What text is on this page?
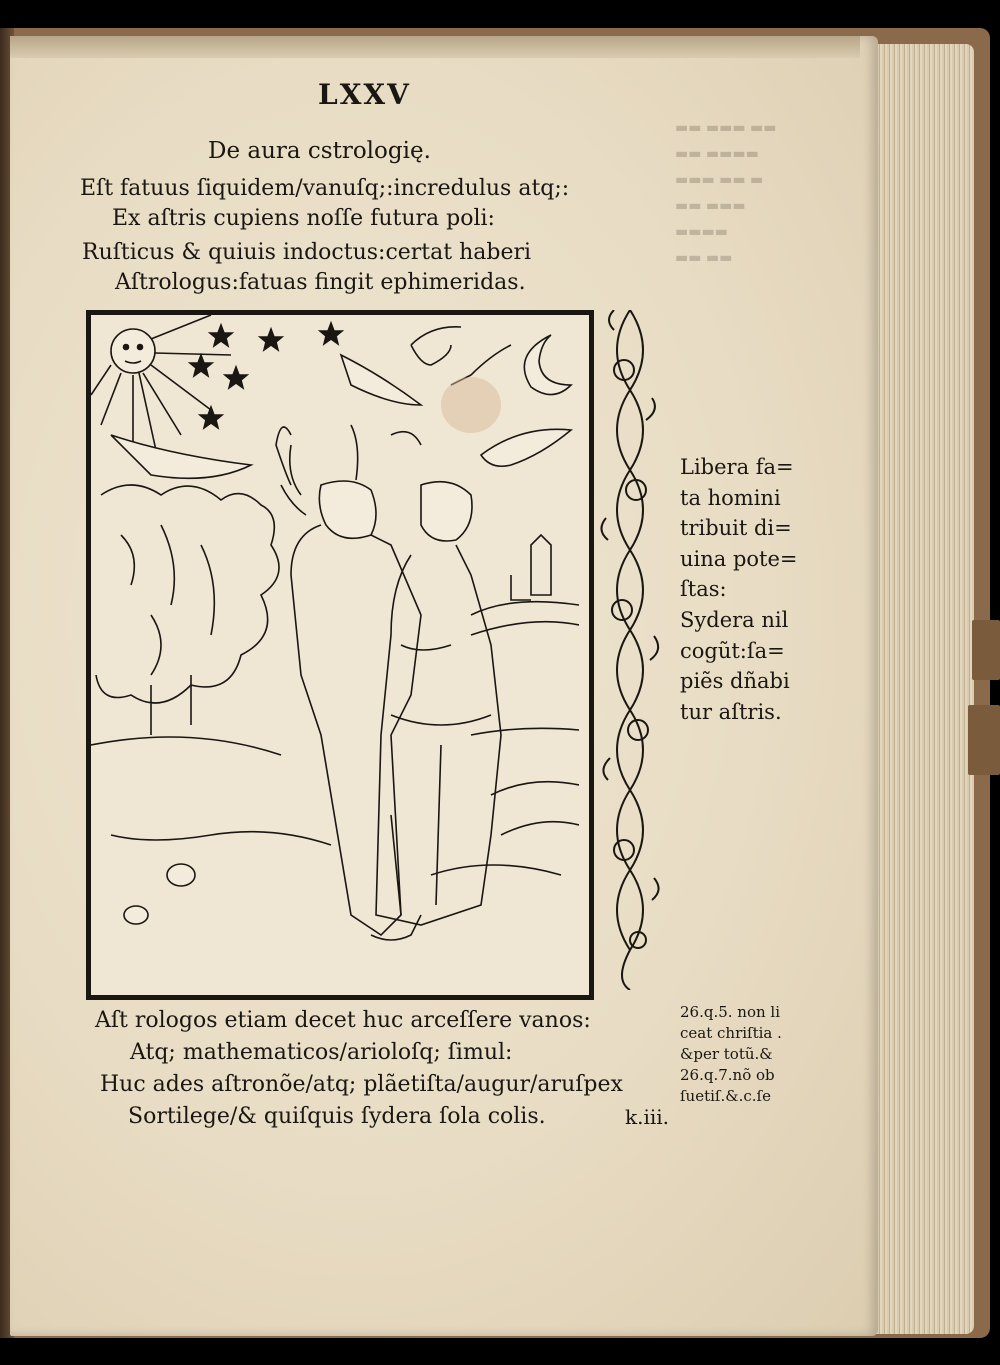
▬▬ ▬▬▬ ▬▬
▬▬ ▬▬▬▬
▬▬▬ ▬▬ ▬
▬▬ ▬▬▬
▬▬▬▬
▬▬ ▬▬
LXXV
De aura cstrologię.
Eſt fatuus ſiquidem/vanuſq;:incredulus atq;:
Ex aſtris cupiens noſſe futura poli:
Ruſticus & quiuis indoctus:certat haberi
Aſtrologus:fatuas fingit ephimeridas.
Libera fa=
ta homini
tribuit di=
uina pote=
ſtas:
Sydera nil
cogũt:ſa=
piẽs dñabi
tur aſtris.
Aſt rologos etiam decet huc arceſſere vanos:
Atq; mathematicos/arioloſq; ſimul:
Huc ades aſtronõe/atq; plãetiſta/augur/aruſpex
Sortilege/& quiſquis ſydera ſola colis.
26.q.5. non li
ceat chriſtia .
&per totũ.&
26.q.7.nõ ob
ſuetiſ.&.c.ſe
k.iii.
